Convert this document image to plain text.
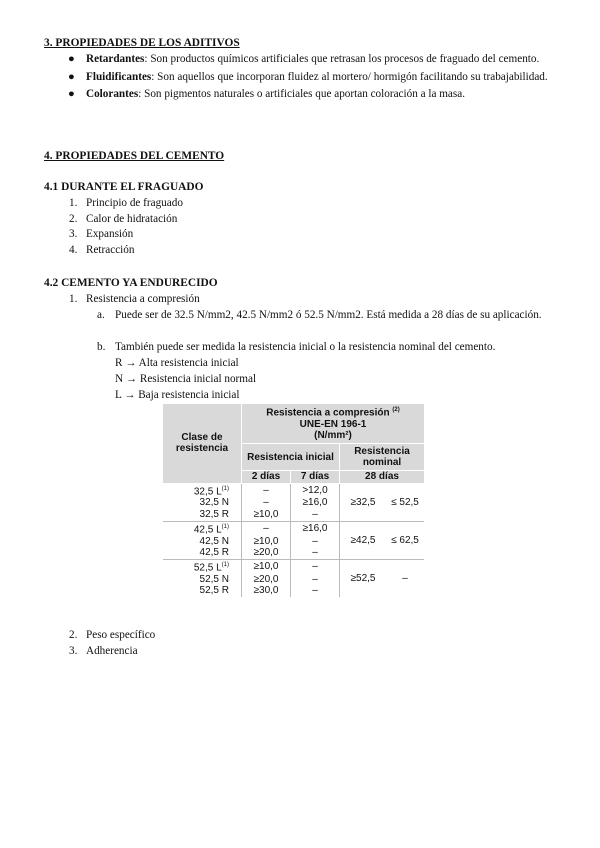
3. PROPIEDADES DE LOS ADITIVOS
● Retardantes: Son productos químicos artificiales que retrasan los procesos de fraguado del cemento.
● Fluidificantes: Son aquellos que incorporan fluidez al mortero/ hormigón facilitando su trabajabilidad.
● Colorantes: Son pigmentos naturales o artificiales que aportan coloración a la masa.
4. PROPIEDADES DEL CEMENTO
4.1 DURANTE EL FRAGUADO
1. Principio de fraguado
2. Calor de hidratación
3. Expansión
4. Retracción
4.2 CEMENTO YA ENDURECIDO
1. Resistencia a compresión
a. Puede ser de 32.5 N/mm2, 42.5 N/mm2 ó 52.5 N/mm2. Está medida a 28 días de su aplicación.
b. También puede ser medida la resistencia inicial o la resistencia nominal del cemento.
R → Alta resistencia inicial
N → Resistencia inicial normal
L → Baja resistencia inicial
Clase de resistencia	Resistencia a compresión $^{(2)}$
UNE-EN 196-1
(N/mm²)			

	Resistencia inicial		Resistencia nominal	
	2 días	7 días	28 días	
32,5 $L^{(1)}$	–	>12,0	≥32,5	≤ 52,5
32,5 N	–	≥16,0		
32,5 R	≥10,0	–		
42,5 $L^{(1)}$	–	≥16,0	≥42,5	≤ 62,5
42,5 N	≥10,0	–		
42,5 R	≥20,0	–		
52,5 $L^{(1)}$	≥10,0	–	≥52,5	–
52,5 N	≥20,0	–		
52,5 R	≥30,0	–		
2. Peso específico
3. Adherencia
